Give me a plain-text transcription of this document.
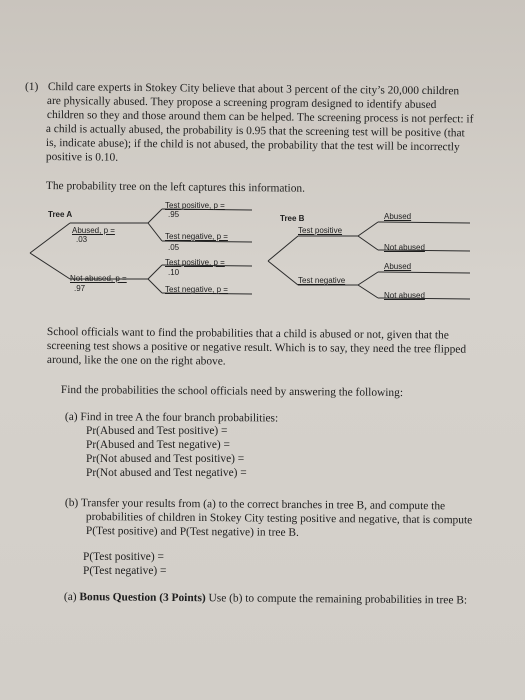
(1) Child care experts in Stokey City believe that about 3 percent of the city’s 20,000 children
are physically abused. They propose a screening program designed to identify abused
children so they and those around them can be helped. The screening process is not perfect: if
a child is actually abused, the probability is 0.95 that the screening test will be positive (that
is, indicate abuse); if the child is not abused, the probability that the test will be incorrectly
positive is 0.10.
The probability tree on the left captures this information.
Tree A
Abused, p =
.03
Not abused, p =
.97
Test positive, p =
.95
Test negative, p =
.05
Test positive, p =
.10
Test negative, p =
Tree B
Test positive
Test negative
Abused
Not abused
Abused
Not abused
School officials want to find the probabilities that a child is abused or not, given that the
screening test shows a positive or negative result. Which is to say, they need the tree flipped
around, like the one on the right above.
Find the probabilities the school officials need by answering the following:
(a) Find in tree A the four branch probabilities:
Pr(Abused and Test positive) =
Pr(Abused and Test negative) =
Pr(Not abused and Test positive) =
Pr(Not abused and Test negative) =
(b) Transfer your results from (a) to the correct branches in tree B, and compute the
probabilities of children in Stokey City testing positive and negative, that is compute
P(Test positive) and P(Test negative) in tree B.
P(Test positive) =
P(Test negative) =
(a) Bonus Question (3 Points) Use (b) to compute the remaining probabilities in tree B:
